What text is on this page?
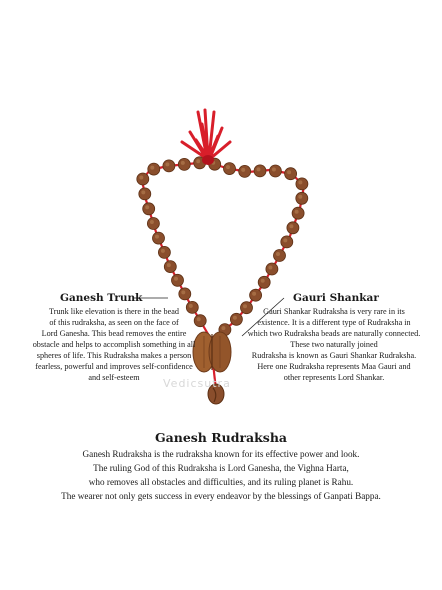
Ganesh Trunk
Trunk like elevation is there in the bead
of this rudraksha, as seen on the face of
Lord Ganesha. This bead removes the entire
obstacle and helps to accomplish something in all
spheres of life. This Rudraksha makes a person
fearless, powerful and improves self-confidence
and self-esteem
Gauri Shankar
Gauri Shankar Rudraksha is very rare in its
existence. It is a different type of Rudraksha in
which two Rudraksha beads are naturally connected.
These two naturally joined
Rudraksha is known as Gauri Shankar Rudraksha.
Here one Rudraksha represents Maa Gauri and
other represents Lord Shankar.
Vedicsutra
Ganesh Rudraksha
Ganesh Rudraksha is the rudraksha known for its effective power and look.
The ruling God of this Rudraksha is Lord Ganesha, the Vighna Harta,
who removes all obstacles and difficulties, and its ruling planet is Rahu.
The wearer not only gets success in every endeavor by the blessings of Ganpati Bappa.
